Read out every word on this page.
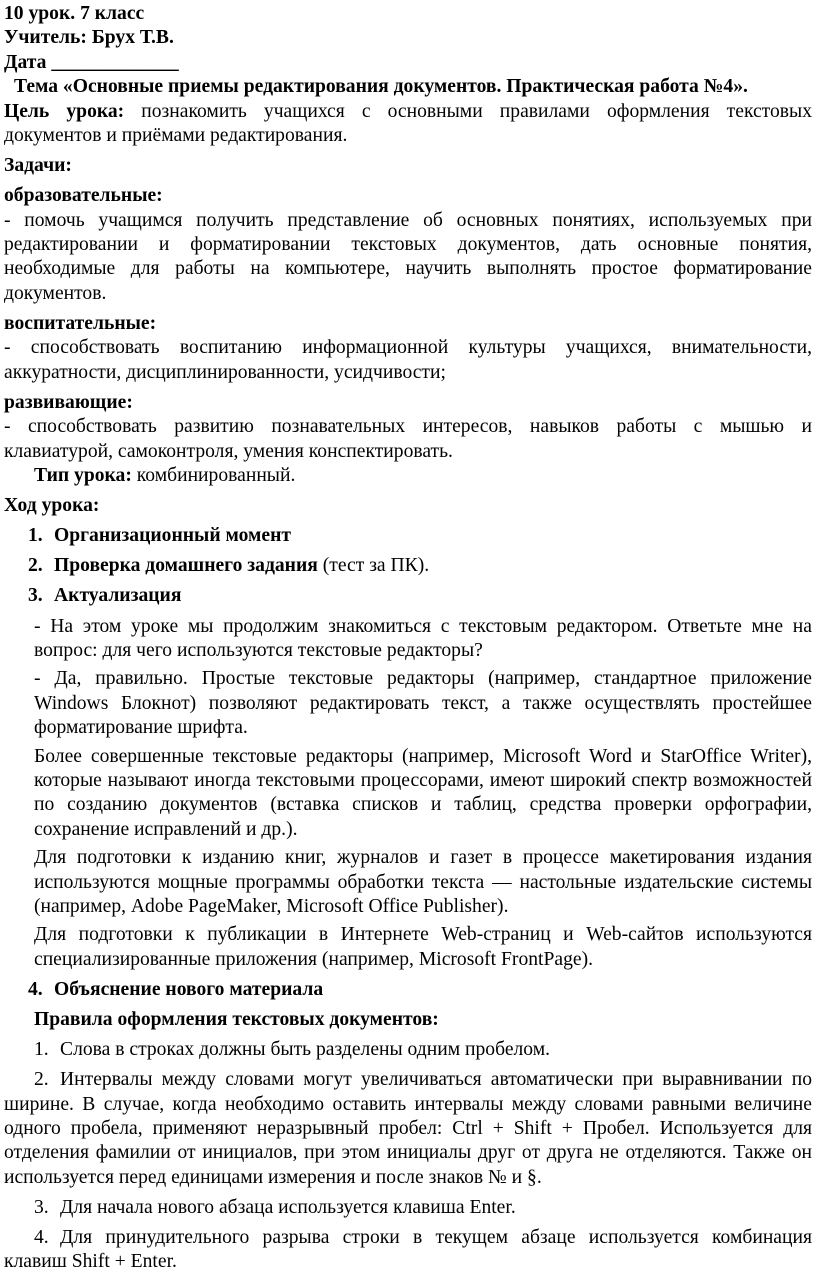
10 урок. 7 класс

Учитель: Брух Т.В.

Дата _____________

Тема «Основные приемы редактирования документов. Практическая работа №4».

Цель урока: познакомить учащихся с основными правилами оформления текстовых документов и приёмами редактирования.

Задачи:

образовательные:

- помочь учащимся получить представление об основных понятиях, используемых при редактировании и форматировании текстовых документов, дать основные понятия, необходимые для работы на компьютере, научить выполнять простое форматирование документов.

воспитательные:

- способствовать воспитанию информационной культуры учащихся, внимательности, аккуратности, дисциплинированности, усидчивости;

развивающие:

- способствовать развитию познавательных интересов, навыков работы с мышью и клавиатурой, самоконтроля, умения конспектировать.

Тип урока: комбинированный.

Ход урока:

1. Организационный момент

2. Проверка домашнего задания (тест за ПК).

3. Актуализация

- На этом уроке мы продолжим знакомиться с текстовым редактором. Ответьте мне на вопрос: для чего используются текстовые редакторы?

- Да, правильно. Простые текстовые редакторы (например, стандартное приложение Windows Блокнот) позволяют редактировать текст, а также осуществлять простейшее форматирование шрифта.

Более совершенные текстовые редакторы (например, Microsoft Word и StarOffice Writer), которые называют иногда текстовыми процессорами, имеют широкий спектр возможностей по созданию документов (вставка списков и таблиц, средства проверки орфографии, сохранение исправлений и др.).

Для подготовки к изданию книг, журналов и газет в процессе макетирования издания используются мощные программы обработки текста — настольные издательские системы (например, Adobe PageMaker, Microsoft Office Publisher).

Для подготовки к публикации в Интернете Web-страниц и Web-сайтов используются специализированные приложения (например, Microsoft FrontPage).

4. Объяснение нового материала

Правила оформления текстовых документов:

1. Слова в строках должны быть разделены одним пробелом.

2. Интервалы между словами могут увеличиваться автоматически при выравнивании по ширине. В случае, когда необходимо оставить интервалы между словами равными величине одного пробела, применяют неразрывный пробел: Ctrl + Shift + Пробел. Используется для отделения фамилии от инициалов, при этом инициалы друг от друга не отделяются. Также он используется перед единицами измерения и после знаков № и §.

3. Для начала нового абзаца используется клавиша Enter.

4. Для принудительного разрыва строки в текущем абзаце используется комбинация клавиш Shift + Enter.
